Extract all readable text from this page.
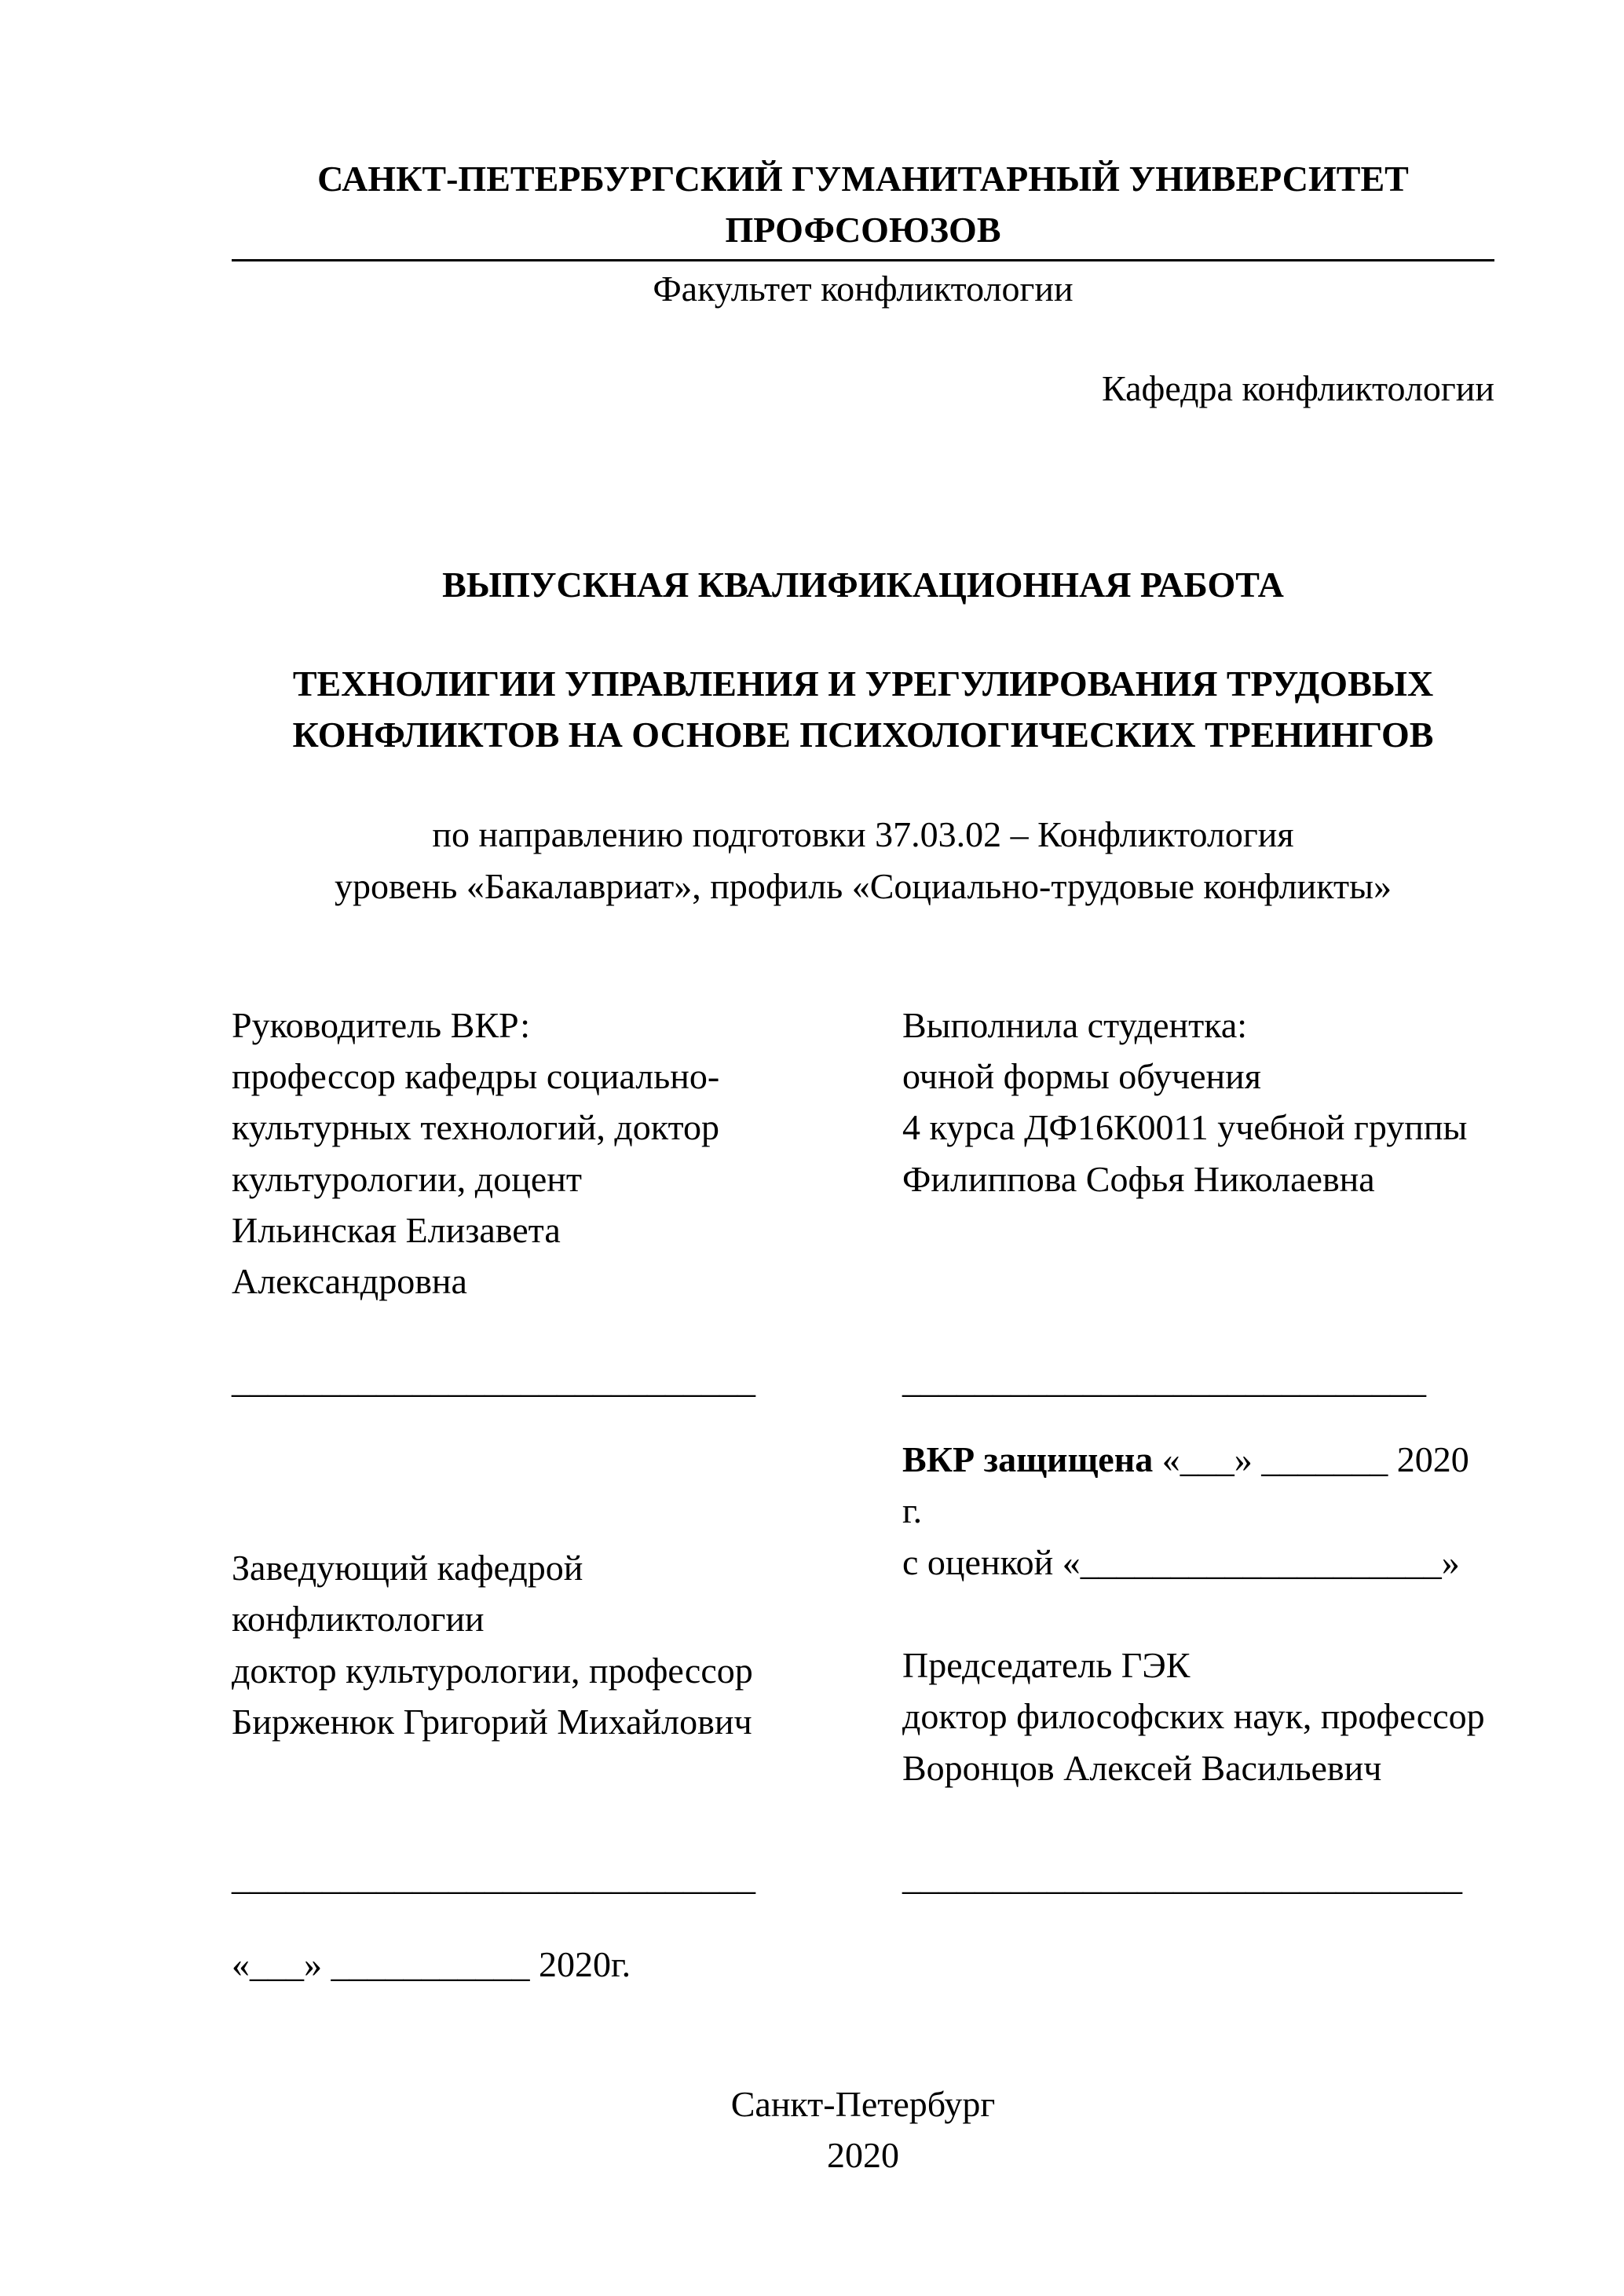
САНКТ-ПЕТЕРБУРГСКИЙ ГУМАНИТАРНЫЙ УНИВЕРСИТЕТ ПРОФСОЮЗОВ
Факультет конфликтологии
Кафедра конфликтологии
ВЫПУСКНАЯ КВАЛИФИКАЦИОННАЯ РАБОТА
ТЕХНОЛИГИИ УПРАВЛЕНИЯ И УРЕГУЛИРОВАНИЯ ТРУДОВЫХ
КОНФЛИКТОВ НА ОСНОВЕ ПСИХОЛОГИЧЕСКИХ ТРЕНИНГОВ
по направлению подготовки 37.03.02 – Конфликтология
уровень «Бакалавриат», профиль «Социально-трудовые конфликты»
Руководитель ВКР:
профессор кафедры социально-
культурных технологий, доктор
культурологии, доцент
Ильинская Елизавета
Александровна
Выполнила студентка:
очной формы обучения
4 курса ДФ16К0011 учебной группы
Филиппова Софья Николаевна
_____________________________	_____________________________
Заведующий кафедрой
конфликтологии
доктор культурологии, профессор
Бирженюк Григорий Михайлович
ВКР защищена «___» _______ 2020 г.
с оценкой «____________________»
Председатель ГЭК
доктор философских наук, профессор
Воронцов Алексей Васильевич
_____________________________	_______________________________
«___» ___________ 2020г.
Санкт-Петербург
2020
